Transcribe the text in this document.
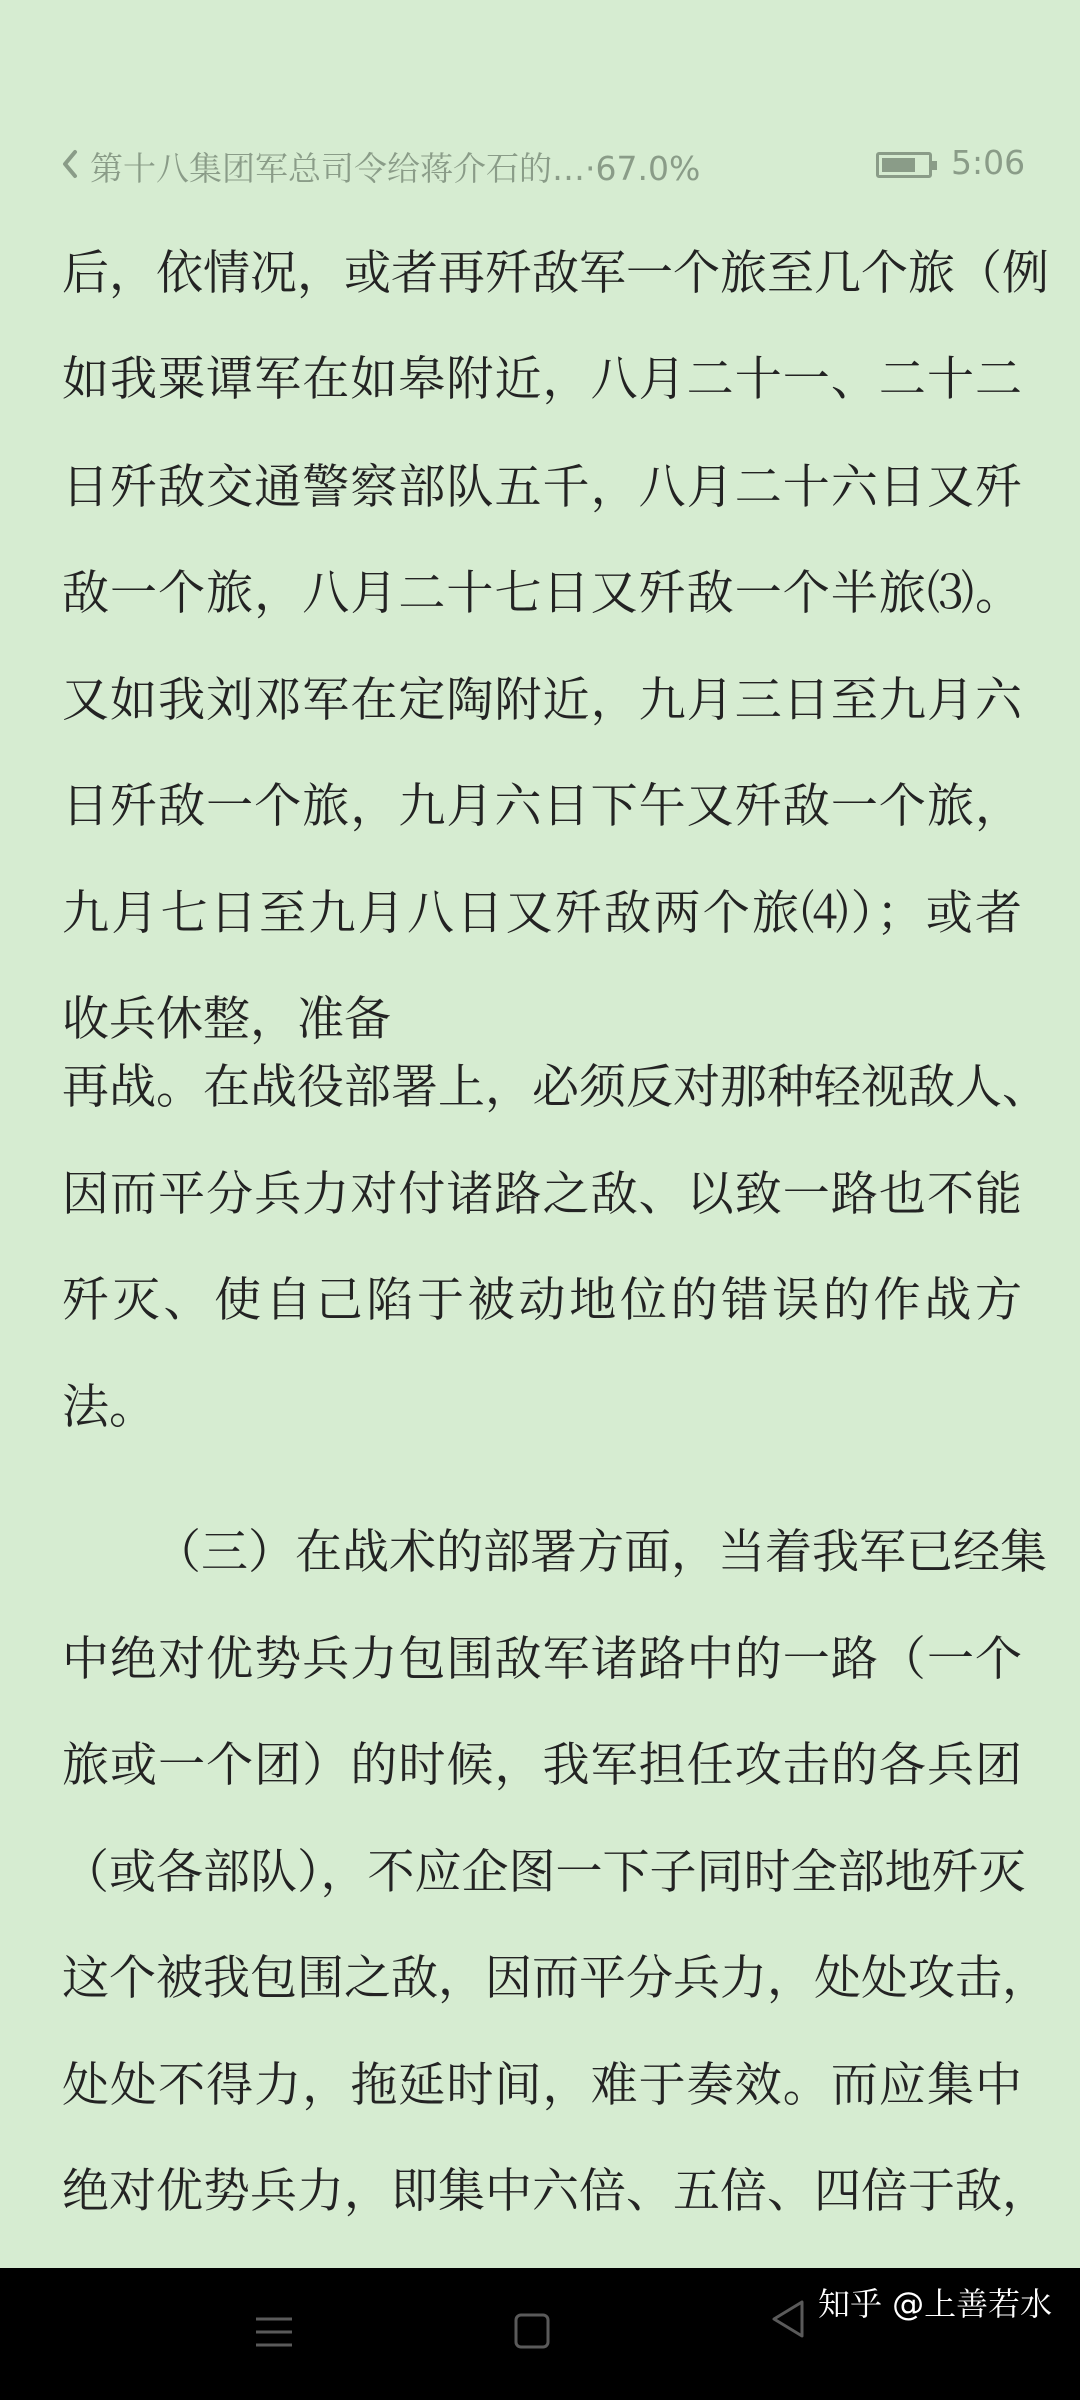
第十八集团军总司令给蒋介石的…·67.0%	5:06
后，依情况，或者再歼敌军一个旅至几个旅（例
如我粟谭军在如皋附近，八月二十一、二十二
日歼敌交通警察部队五千，八月二十六日又歼
敌一个旅，八月二十七日又歼敌一个半旅⑶。
又如我刘邓军在定陶附近，九月三日至九月六
日歼敌一个旅，九月六日下午又歼敌一个旅，
九月七日至九月八日又歼敌两个旅⑷）；或者
收兵休整，准备
再战。在战役部署上，必须反对那种轻视敌人、
因而平分兵力对付诸路之敌、以致一路也不能
歼灭、使自己陷于被动地位的错误的作战方
法。
（三）在战术的部署方面，当着我军已经集
中绝对优势兵力包围敌军诸路中的一路（一个
旅或一个团）的时候，我军担任攻击的各兵团
（或各部队），不应企图一下子同时全部地歼灭
这个被我包围之敌，因而平分兵力，处处攻击，
处处不得力，拖延时间，难于奏效。而应集中
绝对优势兵力，即集中六倍、五倍、四倍于敌，
知乎 @上善若水
